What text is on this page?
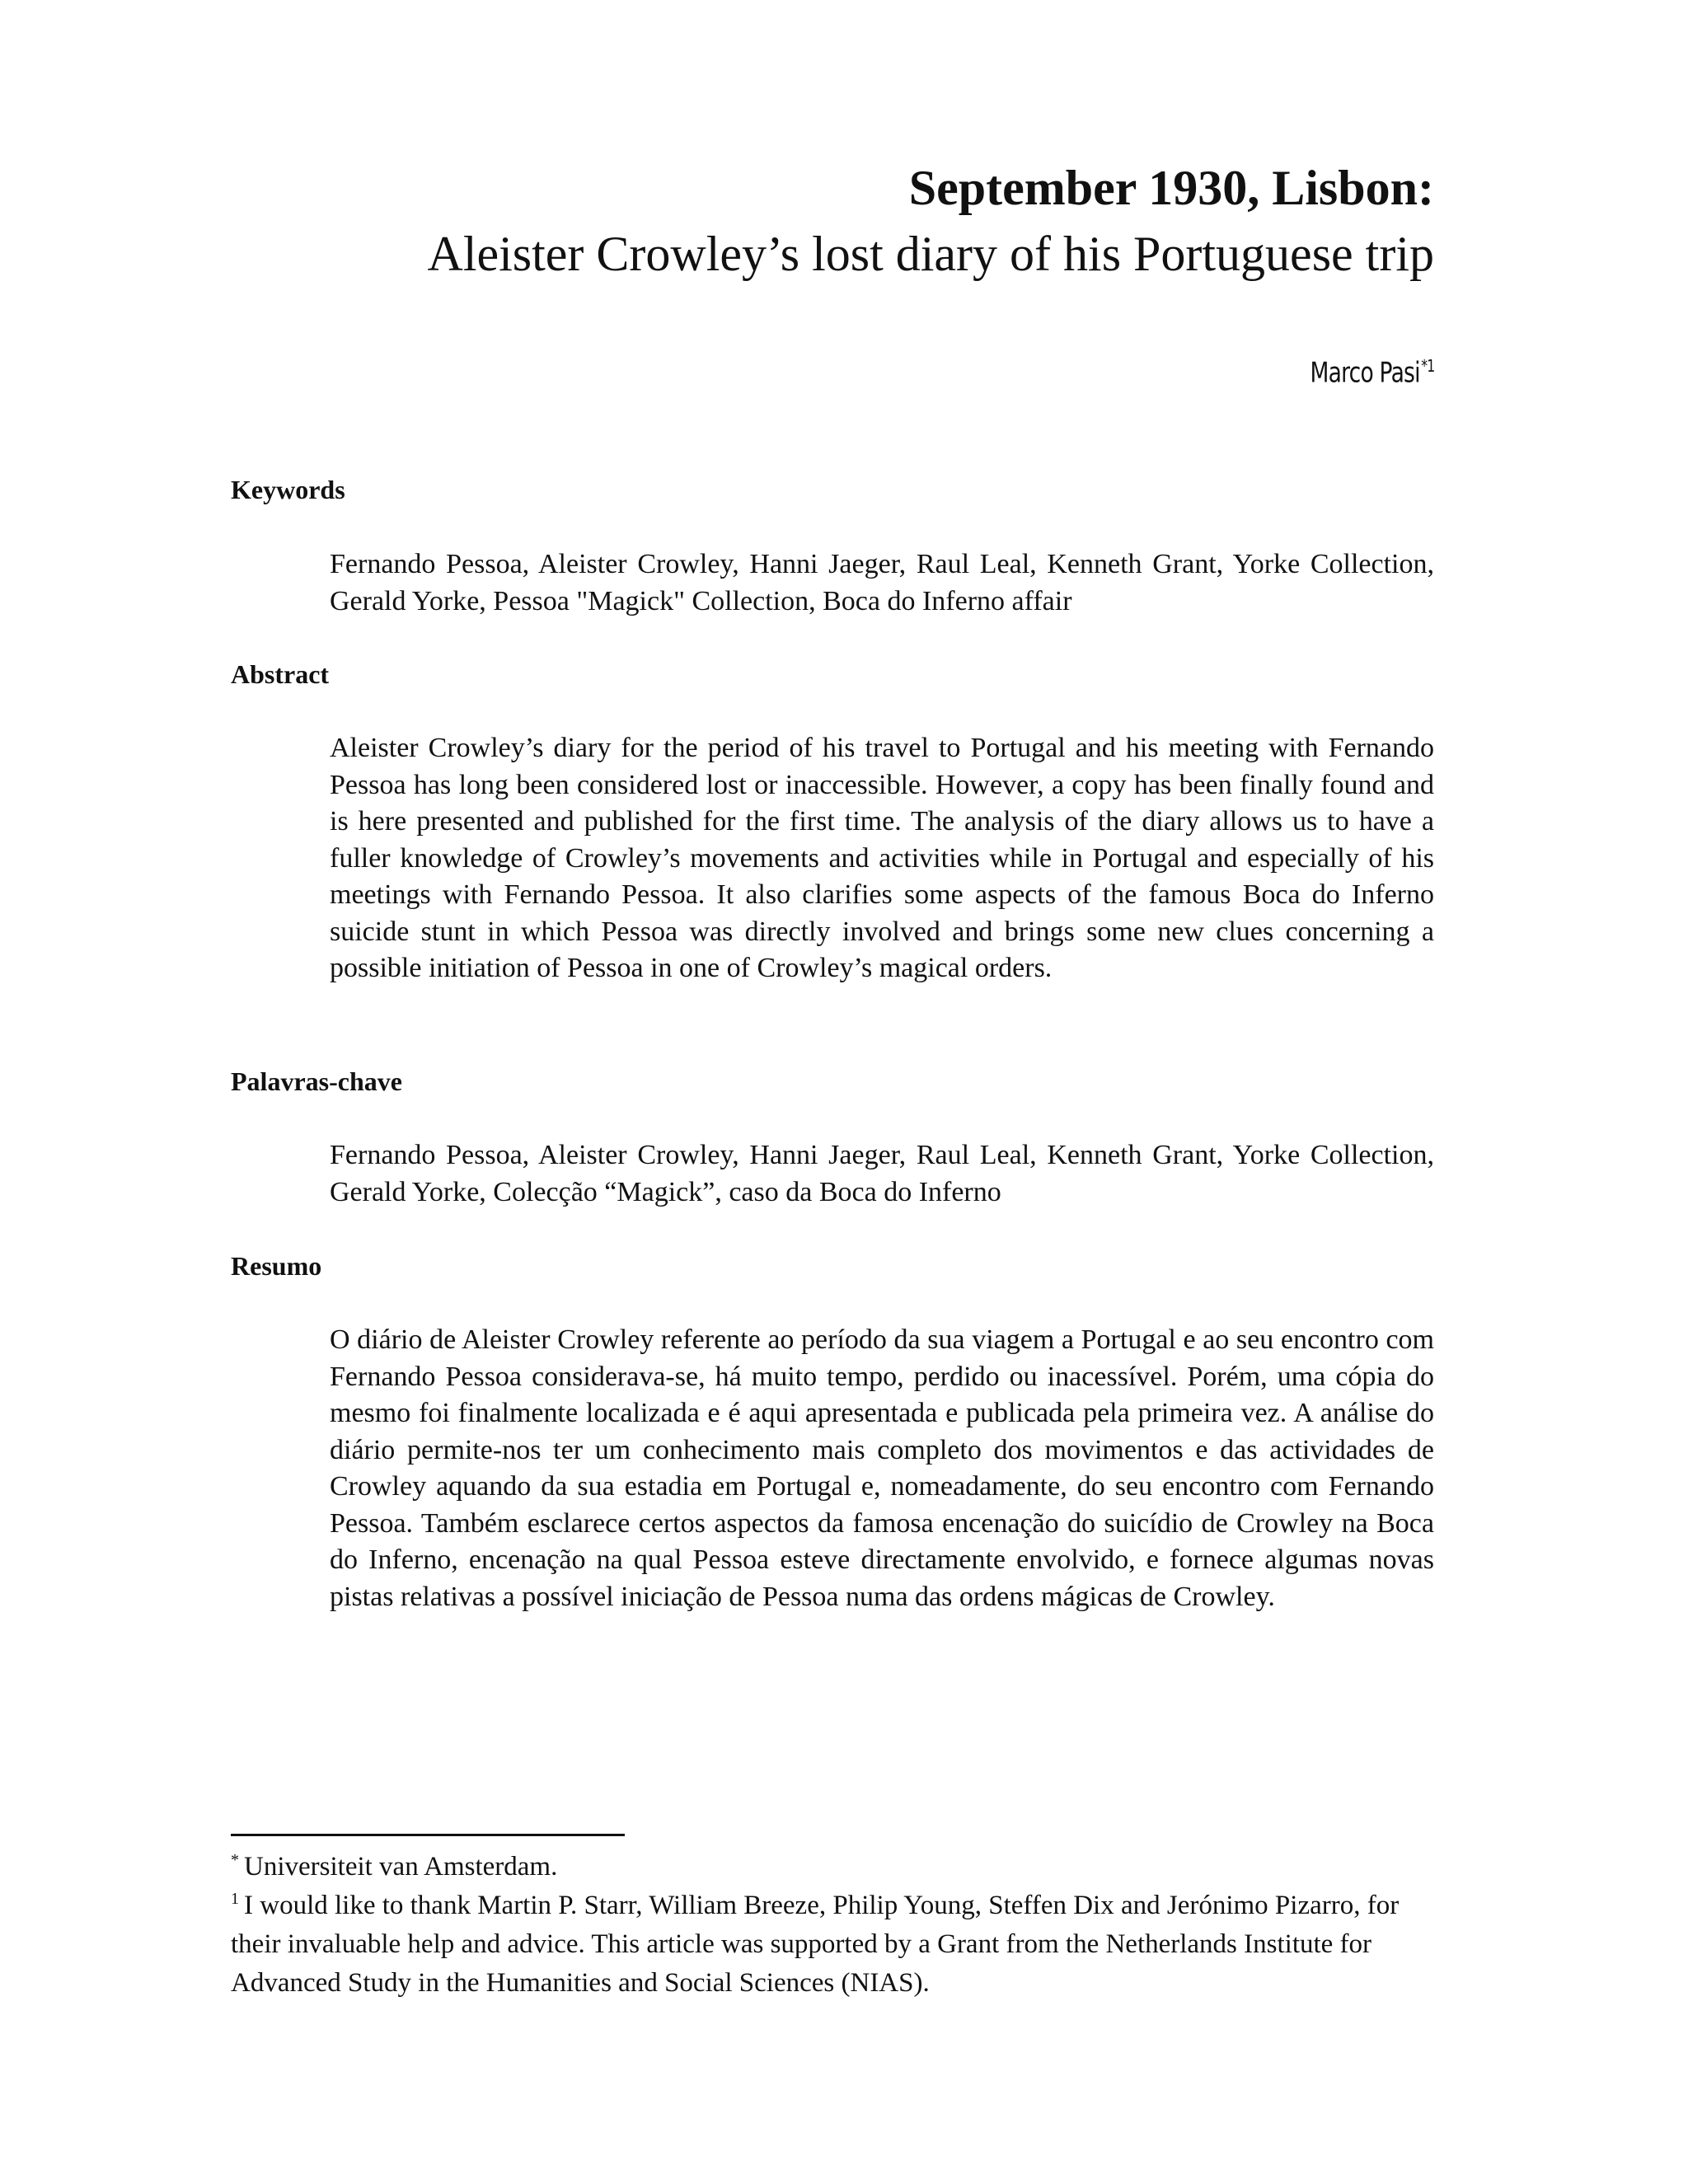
September 1930, Lisbon:

Aleister Crowley’s lost diary of his Portuguese trip

Marco Pasi$^{*1}$
Keywords

Fernando Pessoa, Aleister Crowley, Hanni Jaeger, Raul Leal, Kenneth Grant, Yorke Collection, Gerald Yorke, Pessoa "Magick" Collection, Boca do Inferno affair

Abstract

Aleister Crowley’s diary for the period of his travel to Portugal and his meeting with Fernando Pessoa has long been considered lost or inaccessible. However, a copy has been finally found and is here presented and published for the first time. The analysis of the diary allows us to have a fuller knowledge of Crowley’s movements and activities while in Portugal and especially of his meetings with Fernando Pessoa. It also clarifies some aspects of the famous Boca do Inferno suicide stunt in which Pessoa was directly involved and brings some new clues concerning a possible initiation of Pessoa in one of Crowley’s magical orders.

Palavras-chave

Fernando Pessoa, Aleister Crowley, Hanni Jaeger, Raul Leal, Kenneth Grant, Yorke Collection, Gerald Yorke, Colecção “Magick”, caso da Boca do Inferno

Resumo

O diário de Aleister Crowley referente ao período da sua viagem a Portugal e ao seu encontro com Fernando Pessoa considerava-se, há muito tempo, perdido ou inacessível. Porém, uma cópia do mesmo foi finalmente localizada e é aqui apresentada e publicada pela primeira vez. A análise do diário permite-nos ter um conhecimento mais completo dos movimentos e das actividades de Crowley aquando da sua estadia em Portugal e, nomeadamente, do seu encontro com Fernando Pessoa. Também esclarece certos aspectos da famosa encenação do suicídio de Crowley na Boca do Inferno, encenação na qual Pessoa esteve directamente envolvido, e fornece algumas novas pistas relativas a possível iniciação de Pessoa numa das ordens mágicas de Crowley.

* Universiteit van Amsterdam.

$^1$ I would like to thank Martin P. Starr, William Breeze, Philip Young, Steffen Dix and Jerónimo Pizarro, for their invaluable help and advice. This article was supported by a Grant from the Netherlands Institute for Advanced Study in the Humanities and Social Sciences (NIAS).
